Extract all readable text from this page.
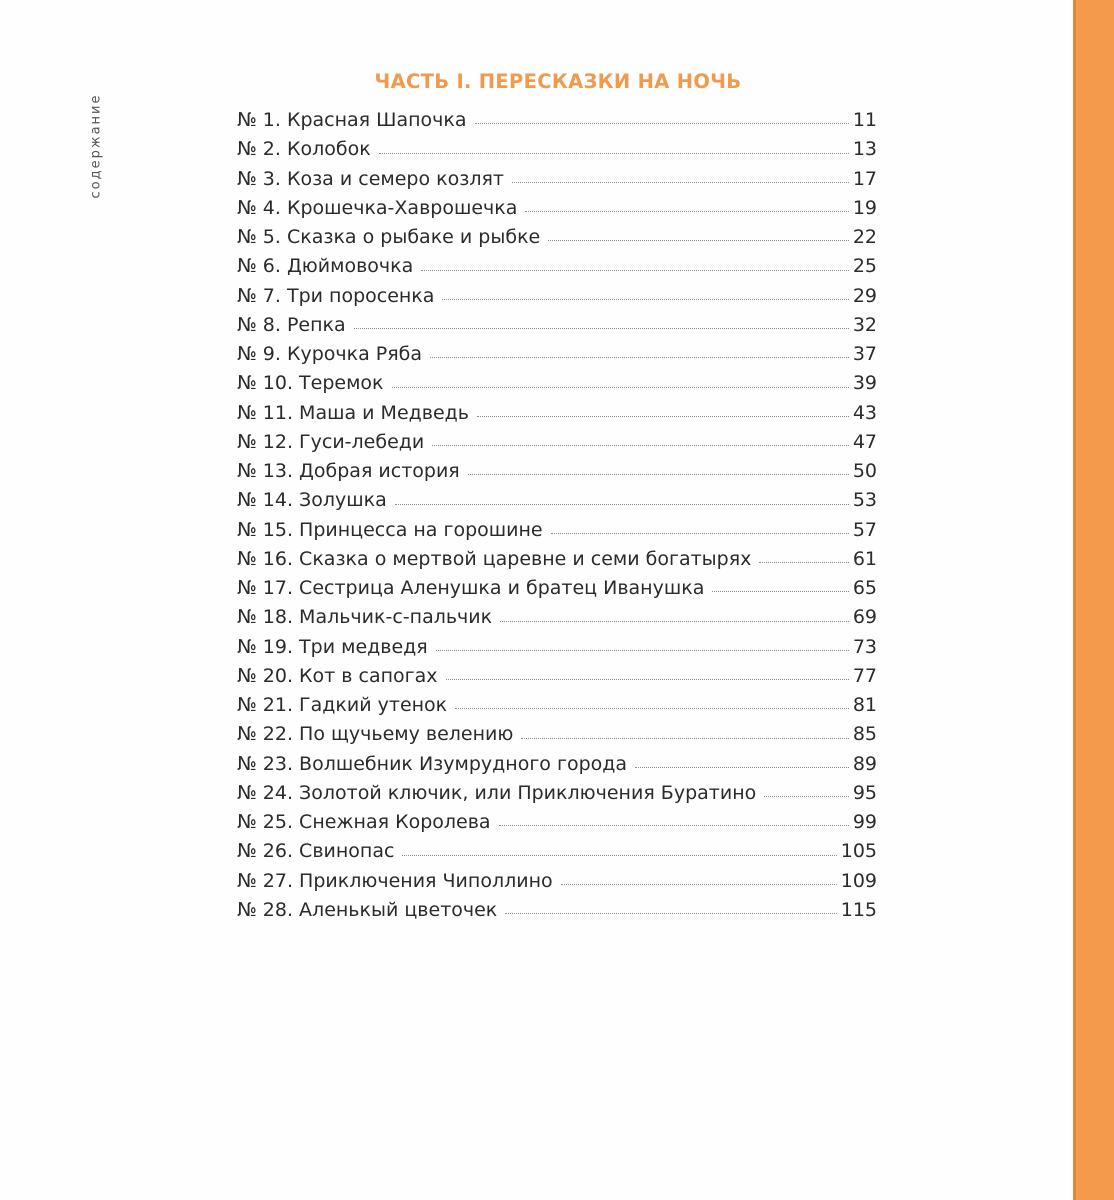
содержание
ЧАСТЬ I. ПЕРЕСКАЗКИ НА НОЧЬ
№ 1. Красная Шапочка	11
№ 2. Колобок	13
№ 3. Коза и семеро козлят	17
№ 4. Крошечка-Хаврошечка	19
№ 5. Сказка о рыбаке и рыбке	22
№ 6. Дюймовочка	25
№ 7. Три поросенка	29
№ 8. Репка	32
№ 9. Курочка Ряба	37
№ 10. Теремок	39
№ 11. Маша и Медведь	43
№ 12. Гуси-лебеди	47
№ 13. Добрая история	50
№ 14. Золушка	53
№ 15. Принцесса на горошине	57
№ 16. Сказка о мертвой царевне и семи богатырях	61
№ 17. Сестрица Аленушка и братец Иванушка	65
№ 18. Мальчик-с-пальчик	69
№ 19. Три медведя	73
№ 20. Кот в сапогах	77
№ 21. Гадкий утенок	81
№ 22. По щучьему велению	85
№ 23. Волшебник Изумрудного города	89
№ 24. Золотой ключик, или Приключения Буратино	95
№ 25. Снежная Королева	99
№ 26. Свинопас	105
№ 27. Приключения Чиполлино	109
№ 28. Аленькый цветочек	115
